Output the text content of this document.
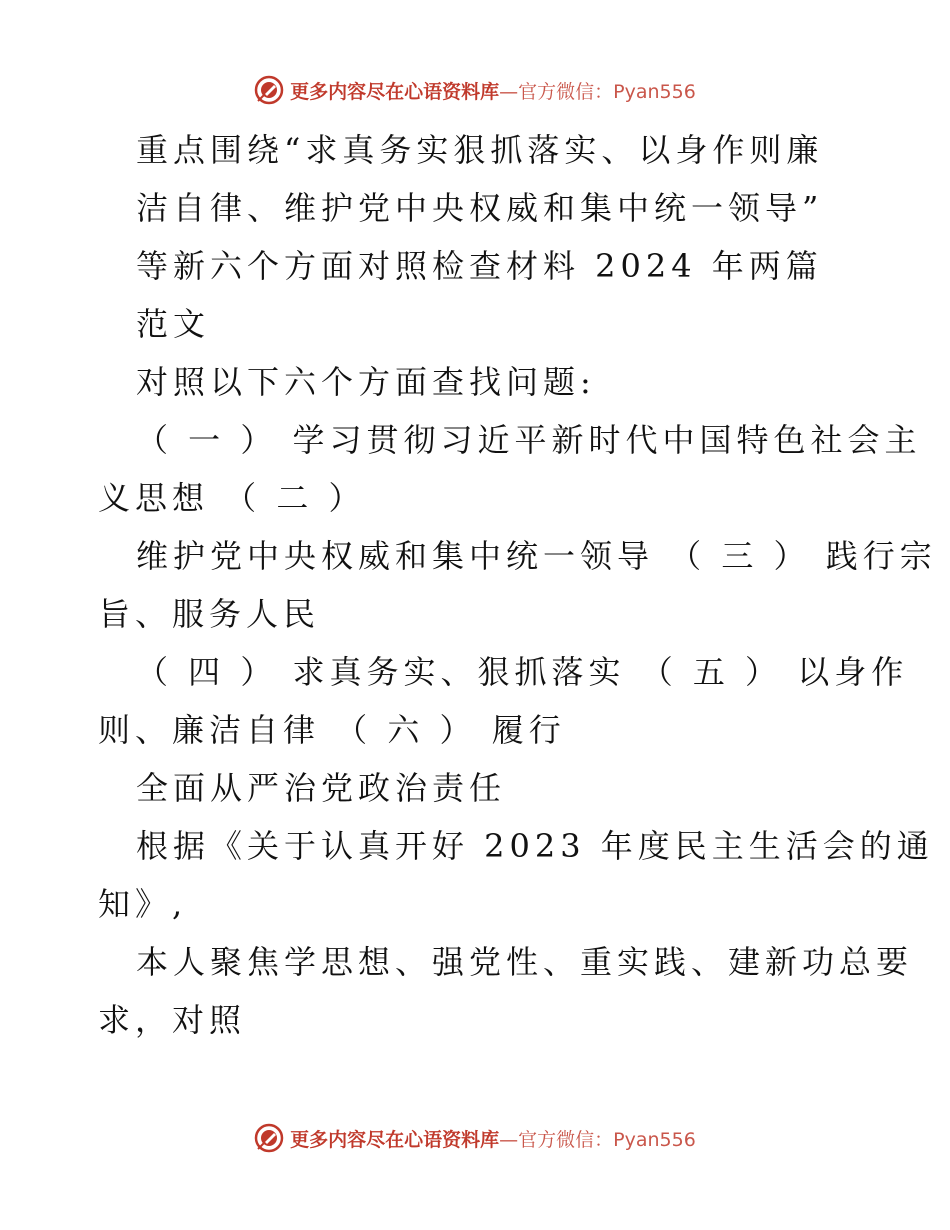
更多内容尽在心语资料库 —官方微信：Pyan556
重点围绕“求真务实狠抓落实、以身作则廉
洁自律、维护党中央权威和集中统一领导”
等新六个方面对照检查材料 2024 年两篇
范文
对照以下六个方面查找问题:
（ 一 ） 学习贯彻习近平新时代中国特色社会主
义思想 （ 二 ）
维护党中央权威和集中统一领导 （ 三 ） 践行宗
旨、服务人民
（ 四 ） 求真务实、狠抓落实 （ 五 ） 以身作
则、廉洁自律 （ 六 ） 履行
全面从严治党政治责任
根据《关于认真开好 2023 年度民主生活会的通
知》,
本人聚焦学思想、强党性、重实践、建新功总要
求，对照
更多内容尽在心语资料库 —官方微信：Pyan556
